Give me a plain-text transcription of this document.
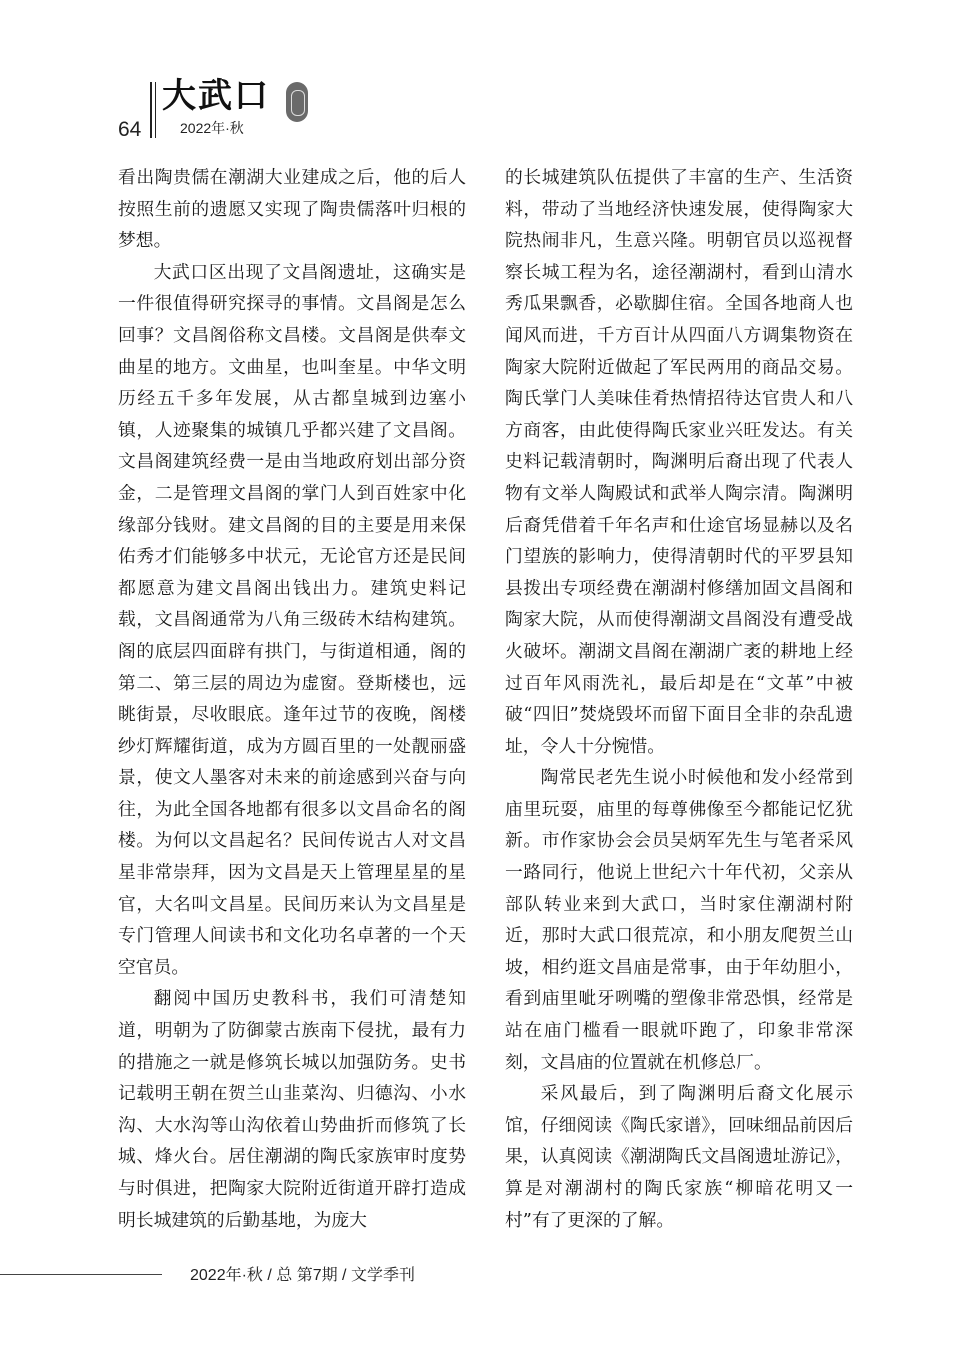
64
大武口
2022年·秋

看出陶贵儒在潮湖大业建成之后，他的后人按照生前的遗愿又实现了陶贵儒落叶归根的梦想。

大武口区出现了文昌阁遗址，这确实是一件很值得研究探寻的事情。文昌阁是怎么回事？文昌阁俗称文昌楼。文昌阁是供奉文曲星的地方。文曲星，也叫奎星。中华文明历经五千多年发展，从古都皇城到边塞小镇，人迹聚集的城镇几乎都兴建了文昌阁。文昌阁建筑经费一是由当地政府划出部分资金，二是管理文昌阁的掌门人到百姓家中化缘部分钱财。建文昌阁的目的主要是用来保佑秀才们能够多中状元，无论官方还是民间都愿意为建文昌阁出钱出力。建筑史料记载，文昌阁通常为八角三级砖木结构建筑。阁的底层四面辟有拱门，与街道相通，阁的第二、第三层的周边为虚窗。登斯楼也，远眺街景，尽收眼底。逢年过节的夜晚，阁楼纱灯辉耀街道，成为方圆百里的一处靓丽盛景，使文人墨客对未来的前途感到兴奋与向往，为此全国各地都有很多以文昌命名的阁楼。为何以文昌起名？民间传说古人对文昌星非常崇拜，因为文昌是天上管理星星的星官，大名叫文昌星。民间历来认为文昌星是专门管理人间读书和文化功名卓著的一个天空官员。

翻阅中国历史教科书，我们可清楚知道，明朝为了防御蒙古族南下侵扰，最有力的措施之一就是修筑长城以加强防务。史书记载明王朝在贺兰山韭菜沟、归德沟、小水沟、大水沟等山沟依着山势曲折而修筑了长城、烽火台。居住潮湖的陶氏家族审时度势与时俱进，把陶家大院附近街道开辟打造成明长城建筑的后勤基地，为庞大

的长城建筑队伍提供了丰富的生产、生活资料，带动了当地经济快速发展，使得陶家大院热闹非凡，生意兴隆。明朝官员以巡视督察长城工程为名，途径潮湖村，看到山清水秀瓜果飘香，必歇脚住宿。全国各地商人也闻风而进，千方百计从四面八方调集物资在陶家大院附近做起了军民两用的商品交易。陶氏掌门人美味佳肴热情招待达官贵人和八方商客，由此使得陶氏家业兴旺发达。有关史料记载清朝时，陶渊明后裔出现了代表人物有文举人陶殿试和武举人陶宗清。陶渊明后裔凭借着千年名声和仕途官场显赫以及名门望族的影响力，使得清朝时代的平罗县知县拨出专项经费在潮湖村修缮加固文昌阁和陶家大院，从而使得潮湖文昌阁没有遭受战火破坏。潮湖文昌阁在潮湖广袤的耕地上经过百年风雨洗礼，最后却是在“文革”中被破“四旧”焚烧毁坏而留下面目全非的杂乱遗址，令人十分惋惜。

陶常民老先生说小时候他和发小经常到庙里玩耍，庙里的每尊佛像至今都能记忆犹新。市作家协会会员吴炳军先生与笔者采风一路同行，他说上世纪六十年代初，父亲从部队转业来到大武口，当时家住潮湖村附近，那时大武口很荒凉，和小朋友爬贺兰山坡，相约逛文昌庙是常事，由于年幼胆小，看到庙里呲牙咧嘴的塑像非常恐惧，经常是站在庙门槛看一眼就吓跑了，印象非常深刻，文昌庙的位置就在机修总厂。

采风最后，到了陶渊明后裔文化展示馆，仔细阅读《陶氏家谱》，回味细品前因后果，认真阅读《潮湖陶氏文昌阁遗址游记》，算是对潮湖村的陶氏家族“柳暗花明又一村”有了更深的了解。

2022年·秋 / 总 第7期 / 文学季刊
